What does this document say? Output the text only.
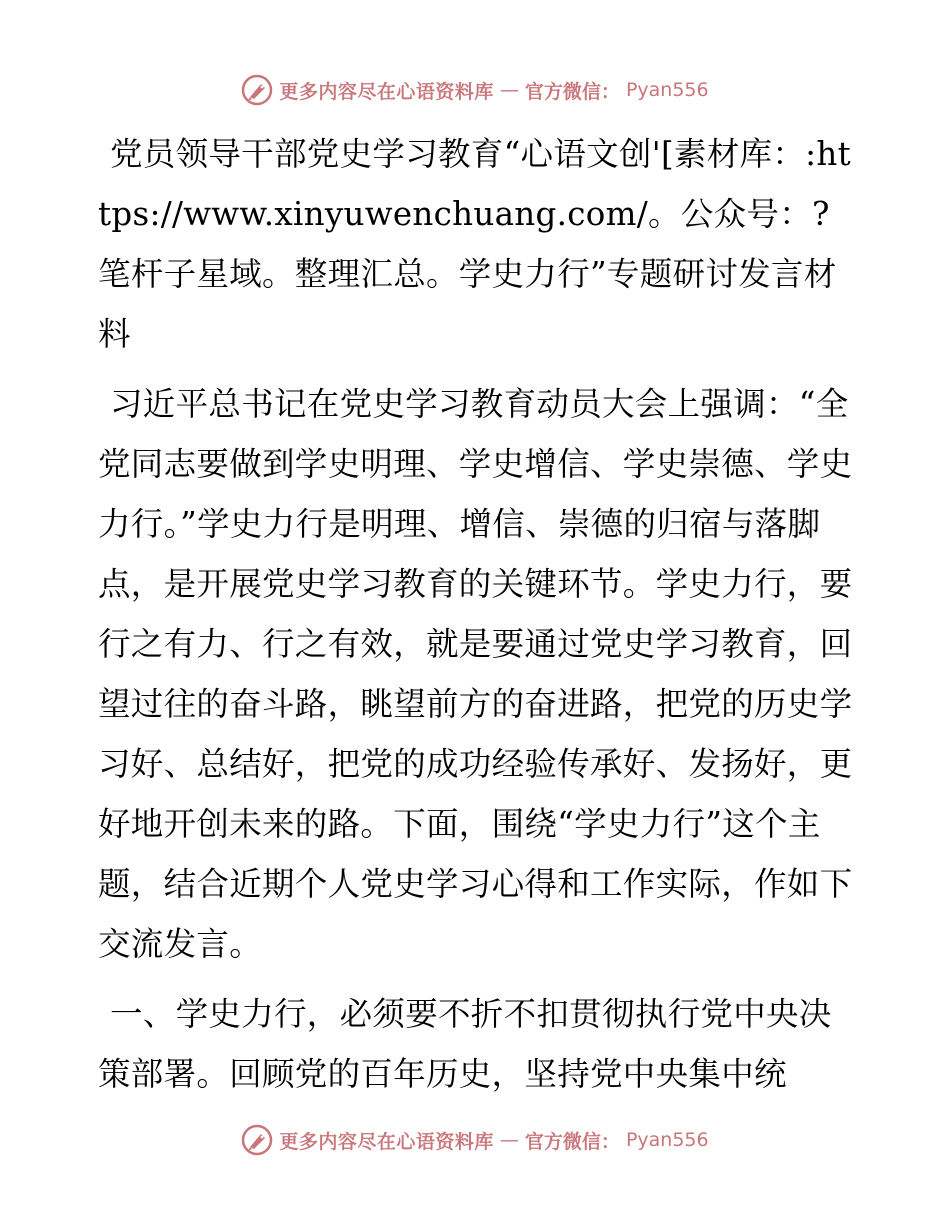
更多内容尽在心语资料库 — 官方微信： Pyan556

党员领导干部党史学习教育“心语文创'[素材库：:https://www.xinyuwenchuang.com/。公众号：?笔杆子星域。整理汇总。学史力行”专题研讨发言材料

习近平总书记在党史学习教育动员大会上强调：“全党同志要做到学史明理、学史增信、学史崇德、学史力行。”学史力行是明理、增信、崇德的归宿与落脚点，是开展党史学习教育的关键环节。学史力行，要行之有力、行之有效，就是要通过党史学习教育，回望过往的奋斗路，眺望前方的奋进路，把党的历史学习好、总结好，把党的成功经验传承好、发扬好，更好地开创未来的路。下面，围绕“学史力行”这个主题，结合近期个人党史学习心得和工作实际，作如下交流发言。

一、学史力行，必须要不折不扣贯彻执行党中央决策部署。回顾党的百年历史，坚持党中央集中统

更多内容尽在心语资料库 — 官方微信： Pyan556
